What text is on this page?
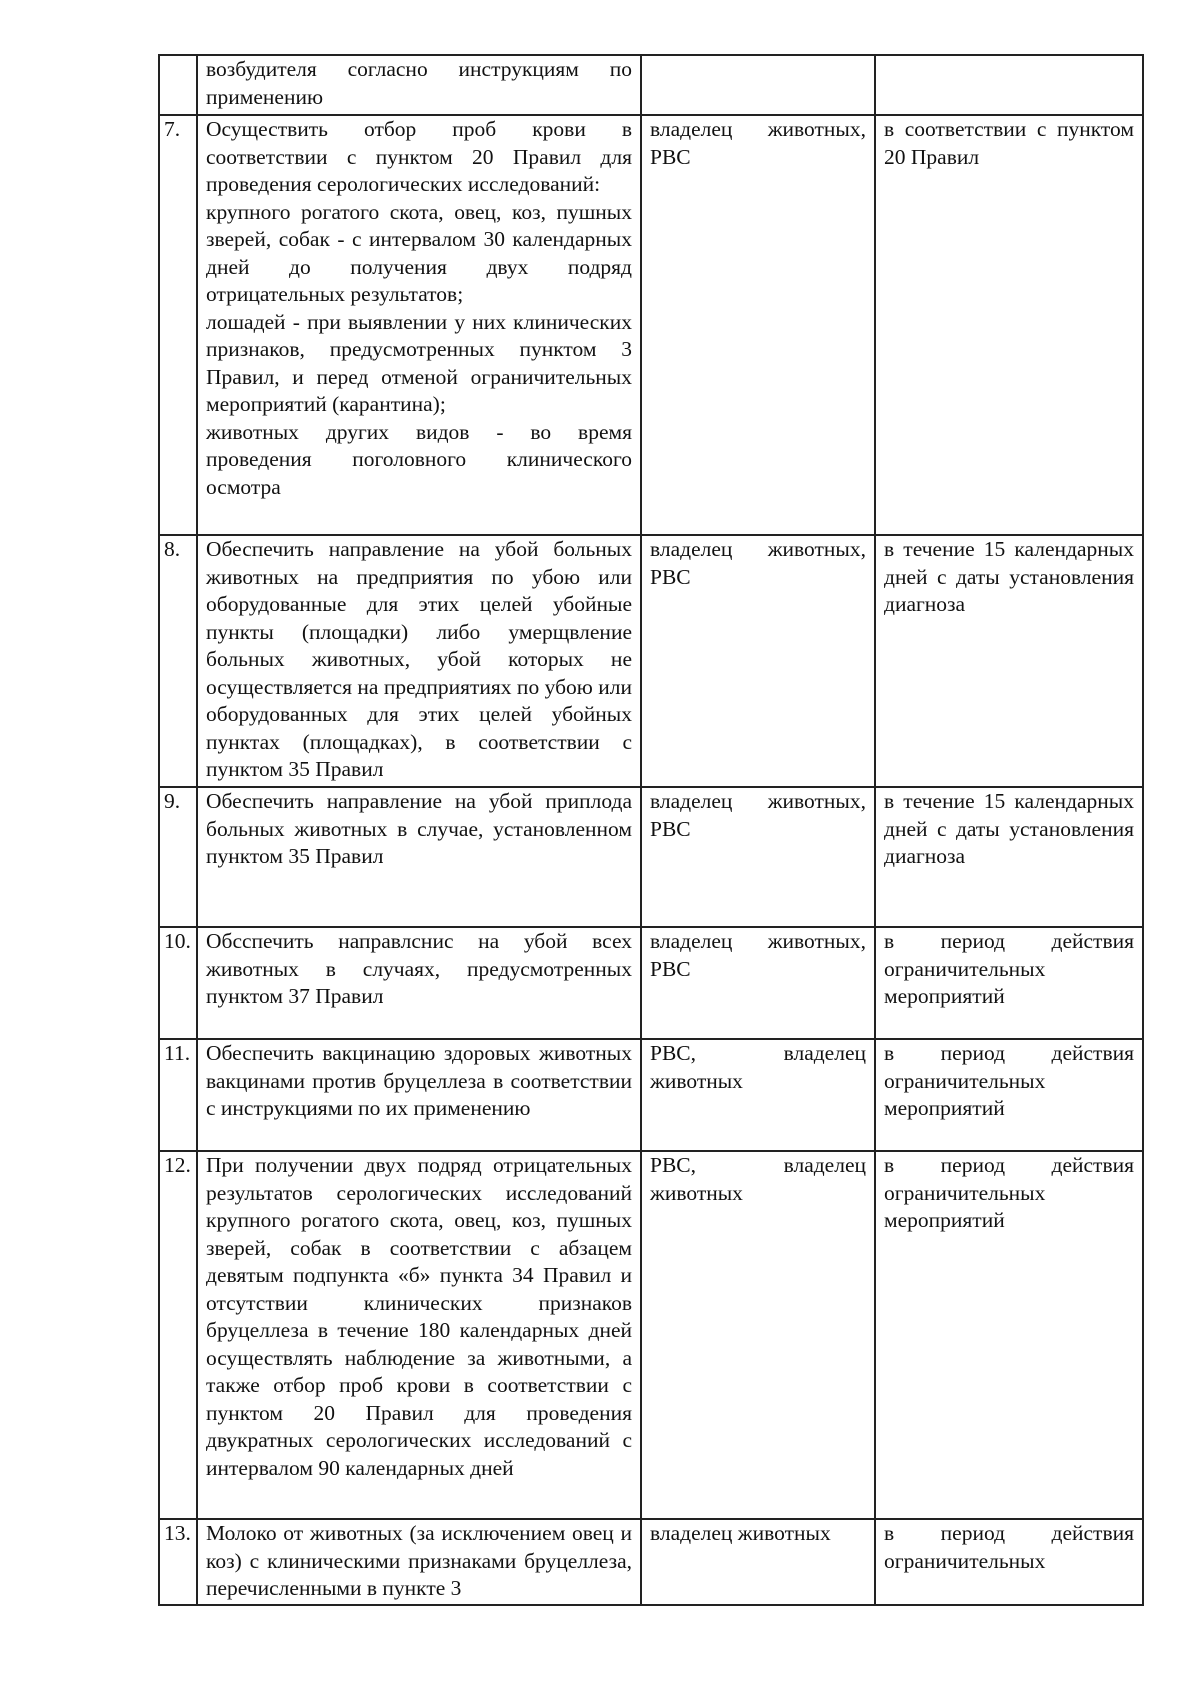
	возбудителя согласно инструкциям по применению		
7.	Осуществить отбор проб крови в соответствии с пунктом 20 Правил для проведения серологических исследований:
крупного рогатого скота, овец, коз, пушных зверей, собак - с интервалом 30 календарных дней до получения двух подряд отрицательных результатов;
лошадей - при выявлении у них клинических признаков, предусмотренных пунктом 3 Правил, и перед отменой ограничительных мероприятий (карантина);
животных других видов - во время проведения поголовного клинического осмотра	владелец животных, РВС	в соответствии с пунктом 20 Правил
8.	Обеспечить направление на убой больных животных на предприятия по убою или оборудованные для этих целей убойные пункты (площадки) либо умерщвление больных животных, убой которых не осуществляется на предприятиях по убою или оборудованных для этих целей убойных пунктах (площадках), в соответствии с пунктом 35 Правил	владелец животных, РВС	в течение 15 календарных дней с даты установления диагноза
9.	Обеспечить направление на убой приплода больных животных в случае, установленном пунктом 35 Правил	владелец животных, РВС	в течение 15 календарных дней с даты установления диагноза
10.	Обсспечить направлснис на убой всех животных в случаях, предусмотренных пунктом 37 Правил	владелец животных, РВС	в период действия ограничительных мероприятий
11.	Обеспечить вакцинацию здоровых животных вакцинами против бруцеллеза в соответствии с инструкциями по их применению	РВС, владелец животных	в период действия ограничительных мероприятий
12.	При получении двух подряд отрицательных результатов серологических исследований крупного рогатого скота, овец, коз, пушных зверей, собак в соответствии с абзацем девятым подпункта «б» пункта 34 Правил и отсутствии клинических признаков бруцеллеза в течение 180 календарных дней осуществлять наблюдение за животными, а также отбор проб крови в соответствии с пунктом 20 Правил для проведения двукратных серологических исследований с интервалом 90 календарных дней	РВС, владелец животных	в период действия ограничительных мероприятий
13.	Молоко от животных (за исключением овец и коз) с клиническими признаками бруцеллеза, перечисленными в пункте 3	владелец животных	в период действия ограничительных
